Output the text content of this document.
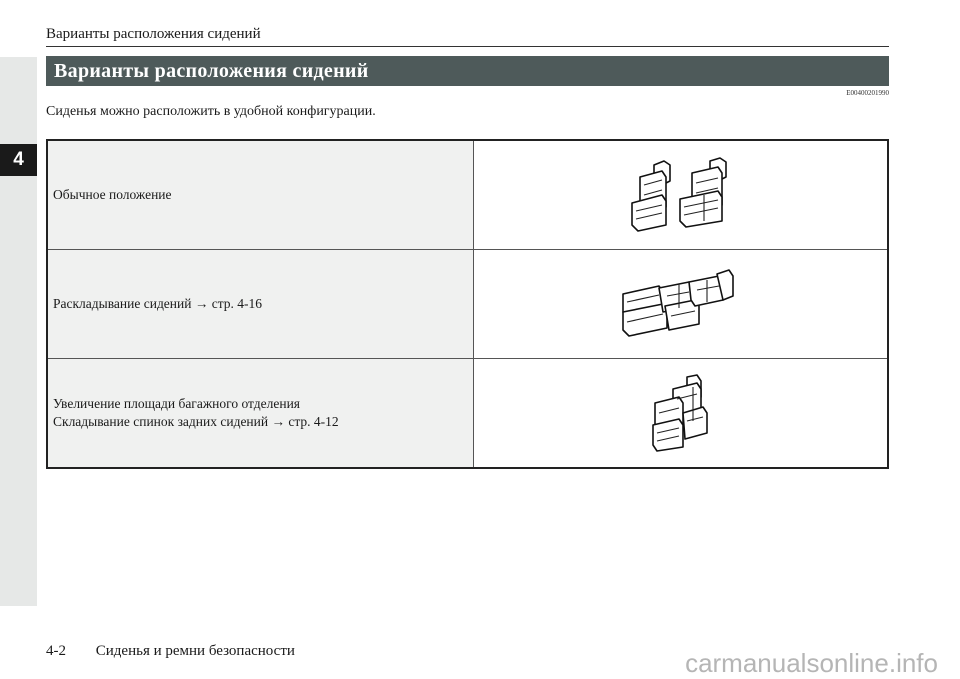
4
Варианты расположения сидений
Варианты расположения сидений
E00400201990
Сиденья можно расположить в удобной конфигурации.
Обычное положение

Раскладывание сидений → стр. 4-16

Увеличение площади багажного отделения
Складывание спинок задних сидений → стр. 4-12

4-2 Сиденья и ремни безопасности	carmanualsonline.info
